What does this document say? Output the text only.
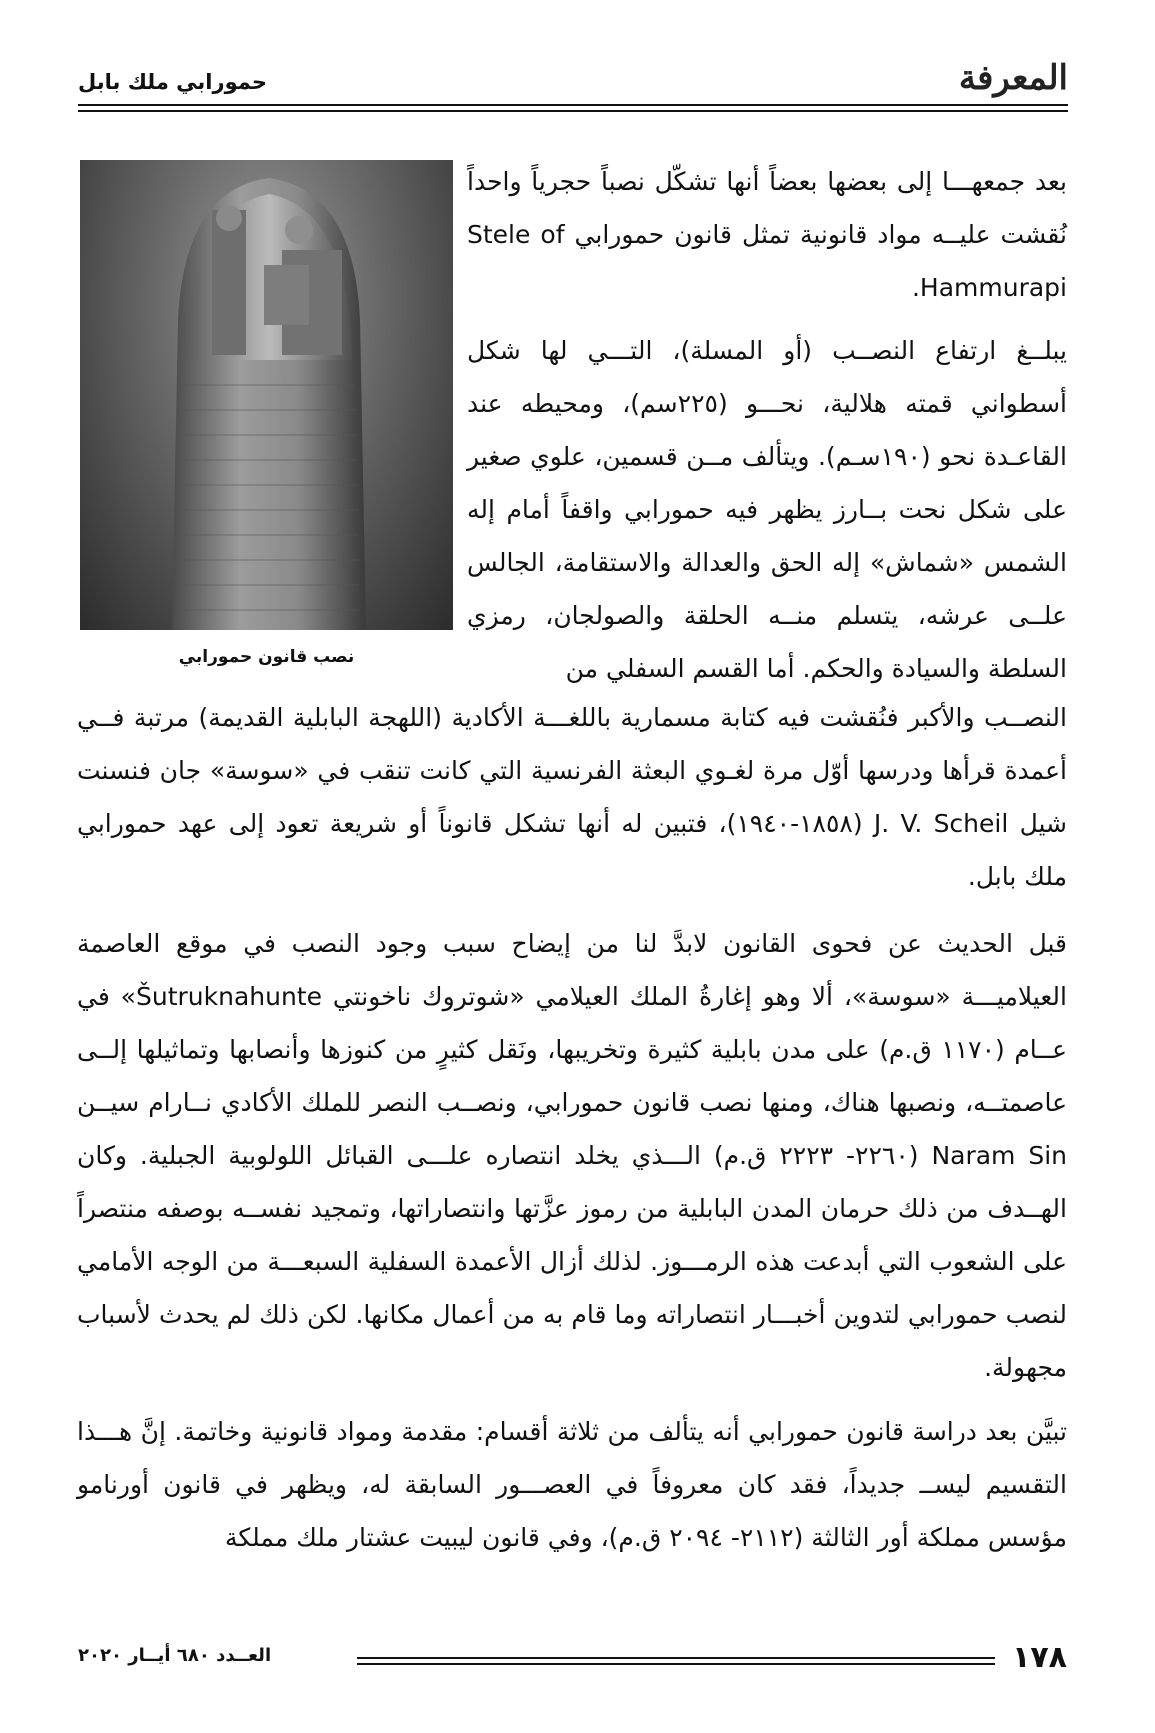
المعرفة
حمورابي ملك بابل
نصب قانون حمورابي
بعد جمعهـــا إلى بعضها بعضاً أنها تشكّل نصباً حجرياً واحداً نُقشت عليــه مواد قانونية تمثل قانون حمورابي Stele of Hammurapi.
يبلــغ ارتفاع النصــب (أو المسلة)، التـــي لها شكل أسطواني قمته هلالية، نحـــو (٢٢٥سم)، ومحيطه عند القاعـدة نحو (١٩٠سـم). ويتألف مــن قسمين، علوي صغير على شكل نحت بــارز يظهر فيه حمورابي واقفاً أمام إله الشمس «شماش» إله الحق والعدالة والاستقامة، الجالس علــى عرشه، يتسلم منــه الحلقة والصولجان، رمزي السلطة والسيادة والحكم. أما القسم السفلي من
النصــب والأكبر فنُقشت فيه كتابة مسمارية باللغـــة الأكادية (اللهجة البابلية القديمة) مرتبة فــي أعمدة قرأها ودرسها أوّل مرة لغـوي البعثة الفرنسية التي كانت تنقب في «سوسة» جان فنسنت شيل J. V. Scheil (١٨٥٨-١٩٤٠)، فتبين له أنها تشكل قانوناً أو شريعة تعود إلى عهد حمورابي ملك بابل.
قبل الحديث عن فحوى القانون لابدَّ لنا من إيضاح سبب وجود النصب في موقع العاصمة العيلاميـــة «سوسة»، ألا وهو إغارةُ الملك العيلامي «شوتروك ناخونتي Šutruknahunte» في عــام (١١٧٠ ق.م) على مدن بابلية كثيرة وتخريبها، ونَقل كثيرٍ من كنوزها وأنصابها وتماثيلها إلــى عاصمتــه، ونصبها هناك، ومنها نصب قانون حمورابي، ونصــب النصر للملك الأكادي نــارام سيــن Naram Sin (٢٢٦٠- ٢٢٢٣ ق.م) الـــذي يخلد انتصاره علـــى القبائل اللولوبية الجبلية. وكان الهــدف من ذلك حرمان المدن البابلية من رموز عزَّتها وانتصاراتها، وتمجيد نفســه بوصفه منتصراً على الشعوب التي أبدعت هذه الرمـــوز. لذلك أزال الأعمدة السفلية السبعـــة من الوجه الأمامي لنصب حمورابي لتدوين أخبـــار انتصاراته وما قام به من أعمال مكانها. لكن ذلك لم يحدث لأسباب مجهولة.
تبيَّن بعد دراسة قانون حمورابي أنه يتألف من ثلاثة أقسام: مقدمة ومواد قانونية وخاتمة. إنَّ هـــذا التقسيم ليســ جديداً، فقد كان معروفاً في العصـــور السابقة له، ويظهر في قانون أورنامو مؤسس مملكة أور الثالثة (٢١١٢- ٢٠٩٤ ق.م)، وفي قانون ليبيت عشتار ملك مملكة
١٧٨
العــدد ٦٨٠ أيــار ٢٠٢٠
